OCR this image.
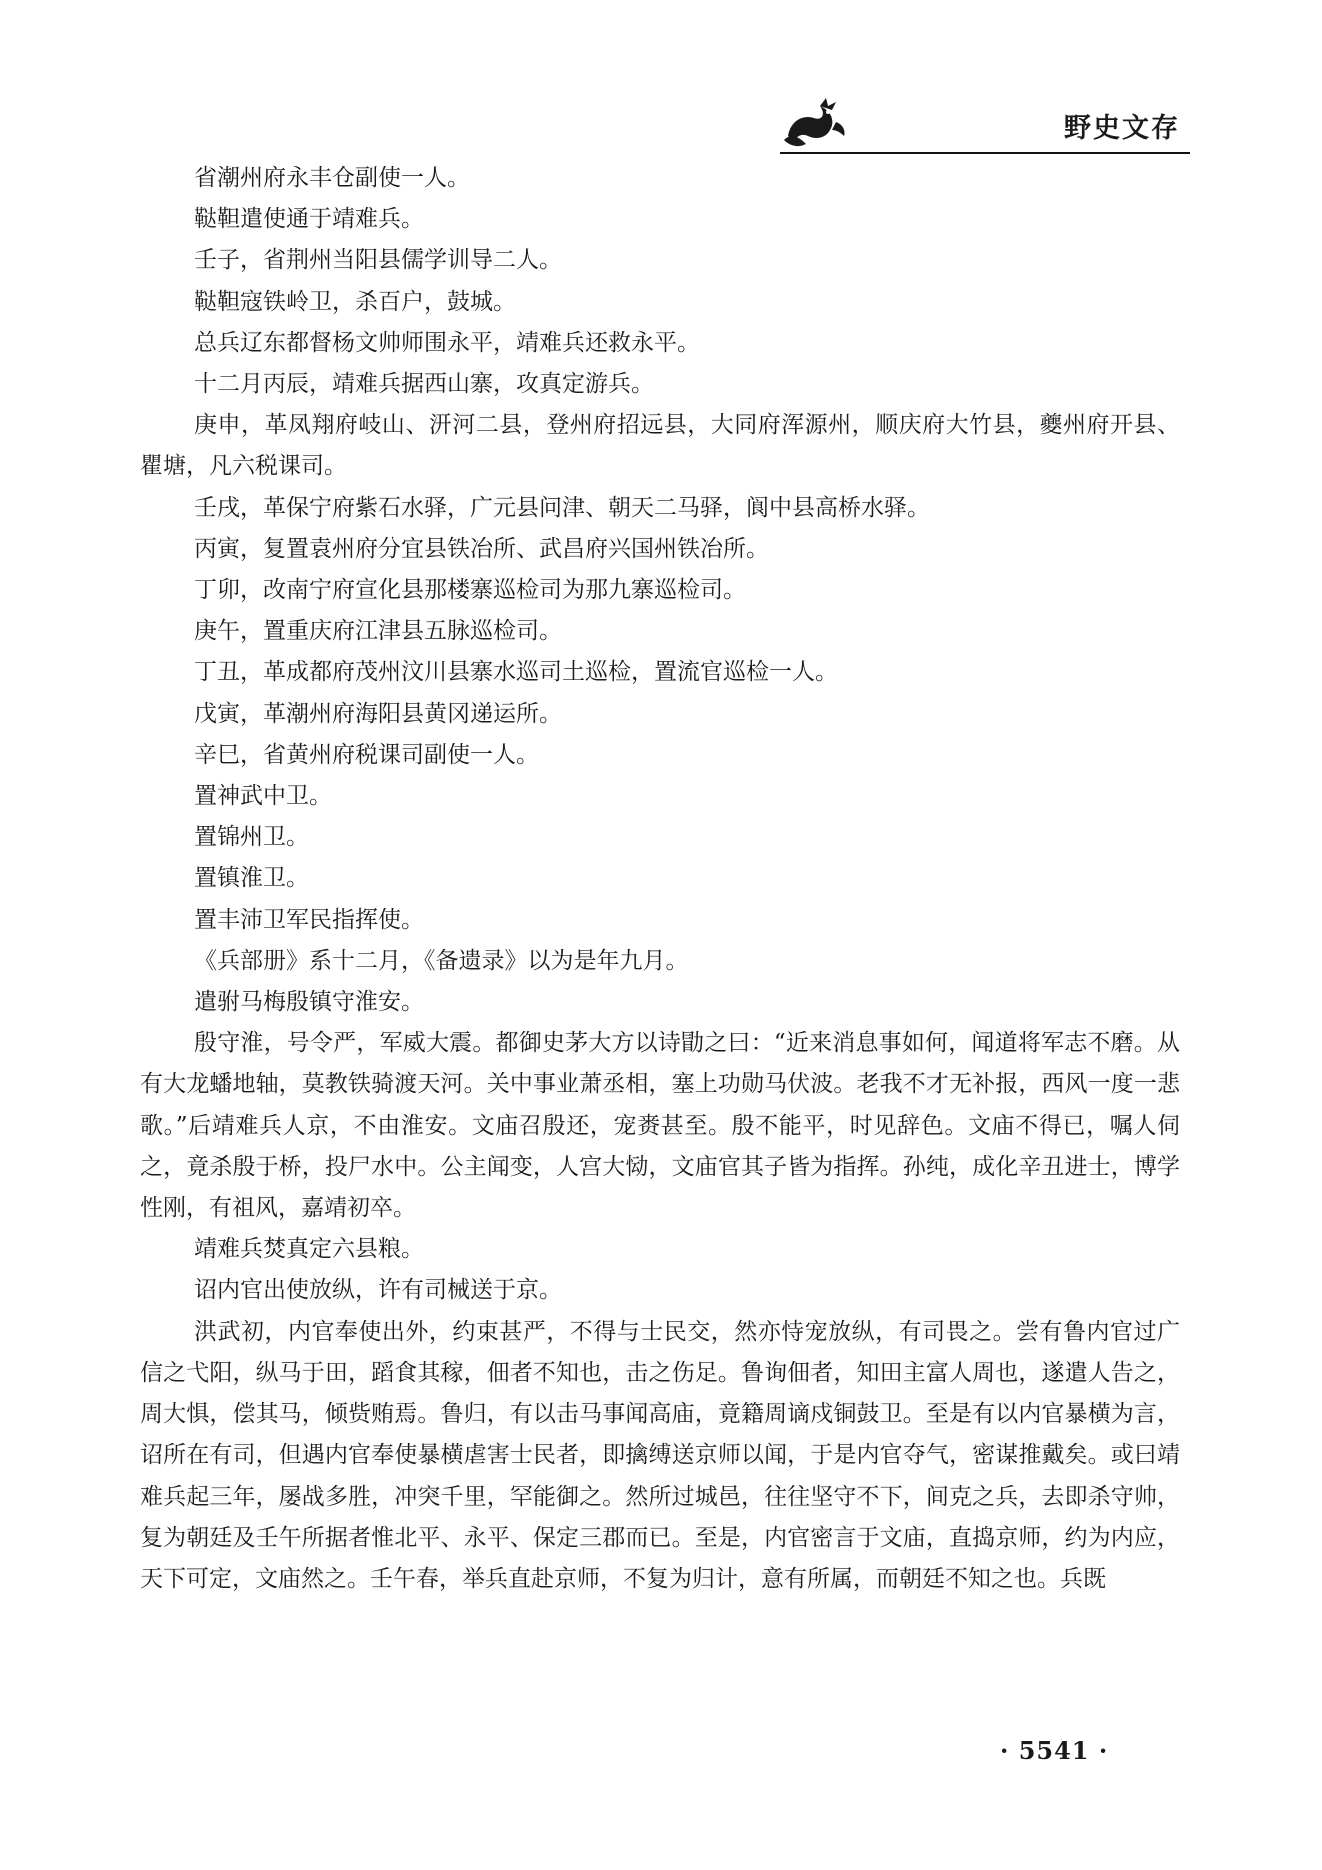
野史文存

省潮州府永丰仓副使一人。

鞑靼遣使通于靖难兵。

壬子，省荆州当阳县儒学训导二人。

鞑靼寇铁岭卫，杀百户，鼓城。

总兵辽东都督杨文帅师围永平，靖难兵还救永平。

十二月丙辰，靖难兵据西山寨，攻真定游兵。

庚申，革凤翔府岐山、汧河二县，登州府招远县，大同府浑源州，顺庆府大竹县，夔州府开县、瞿塘，凡六税课司。

壬戌，革保宁府紫石水驿，广元县问津、朝天二马驿，阆中县高桥水驿。

丙寅，复置袁州府分宜县铁冶所、武昌府兴国州铁冶所。

丁卯，改南宁府宣化县那楼寨巡检司为那九寨巡检司。

庚午，置重庆府江津县五脉巡检司。

丁丑，革成都府茂州汶川县寨水巡司土巡检，置流官巡检一人。

戊寅，革潮州府海阳县黄冈递运所。

辛巳，省黄州府税课司副使一人。

置神武中卫。

置锦州卫。

置镇淮卫。

置丰沛卫军民指挥使。

《兵部册》系十二月，《备遗录》以为是年九月。

遣驸马梅殷镇守淮安。

殷守淮，号令严，军威大震。都御史茅大方以诗勖之曰：“近来消息事如何，闻道将军志不磨。从有大龙蟠地轴，莫教铁骑渡天河。关中事业萧丞相，塞上功勋马伏波。老我不才无补报，西风一度一悲歌。”后靖难兵人京，不由淮安。文庙召殷还，宠赉甚至。殷不能平，时见辞色。文庙不得已，嘱人伺之，竟杀殷于桥，投尸水中。公主闻变，人宫大恸，文庙官其子皆为指挥。孙纯，成化辛丑进士，博学性刚，有祖风，嘉靖初卒。

靖难兵焚真定六县粮。

诏内官出使放纵，许有司械送于京。

洪武初，内官奉使出外，约束甚严，不得与士民交，然亦恃宠放纵，有司畏之。尝有鲁内官过广信之弋阳，纵马于田，蹈食其稼，佃者不知也，击之伤足。鲁询佃者，知田主富人周也，遂遣人告之，周大惧，偿其马，倾赀贿焉。鲁归，有以击马事闻高庙，竟籍周谪戍铜鼓卫。至是有以内官暴横为言，诏所在有司，但遇内官奉使暴横虐害士民者，即擒缚送京师以闻，于是内官夺气，密谋推戴矣。或曰靖难兵起三年，屡战多胜，冲突千里，罕能御之。然所过城邑，往往坚守不下，间克之兵，去即杀守帅，复为朝廷及壬午所据者惟北平、永平、保定三郡而已。至是，内官密言于文庙，直捣京师，约为内应，天下可定，文庙然之。壬午春，举兵直赴京师，不复为归计，意有所属，而朝廷不知之也。兵既

· 5541 ·
